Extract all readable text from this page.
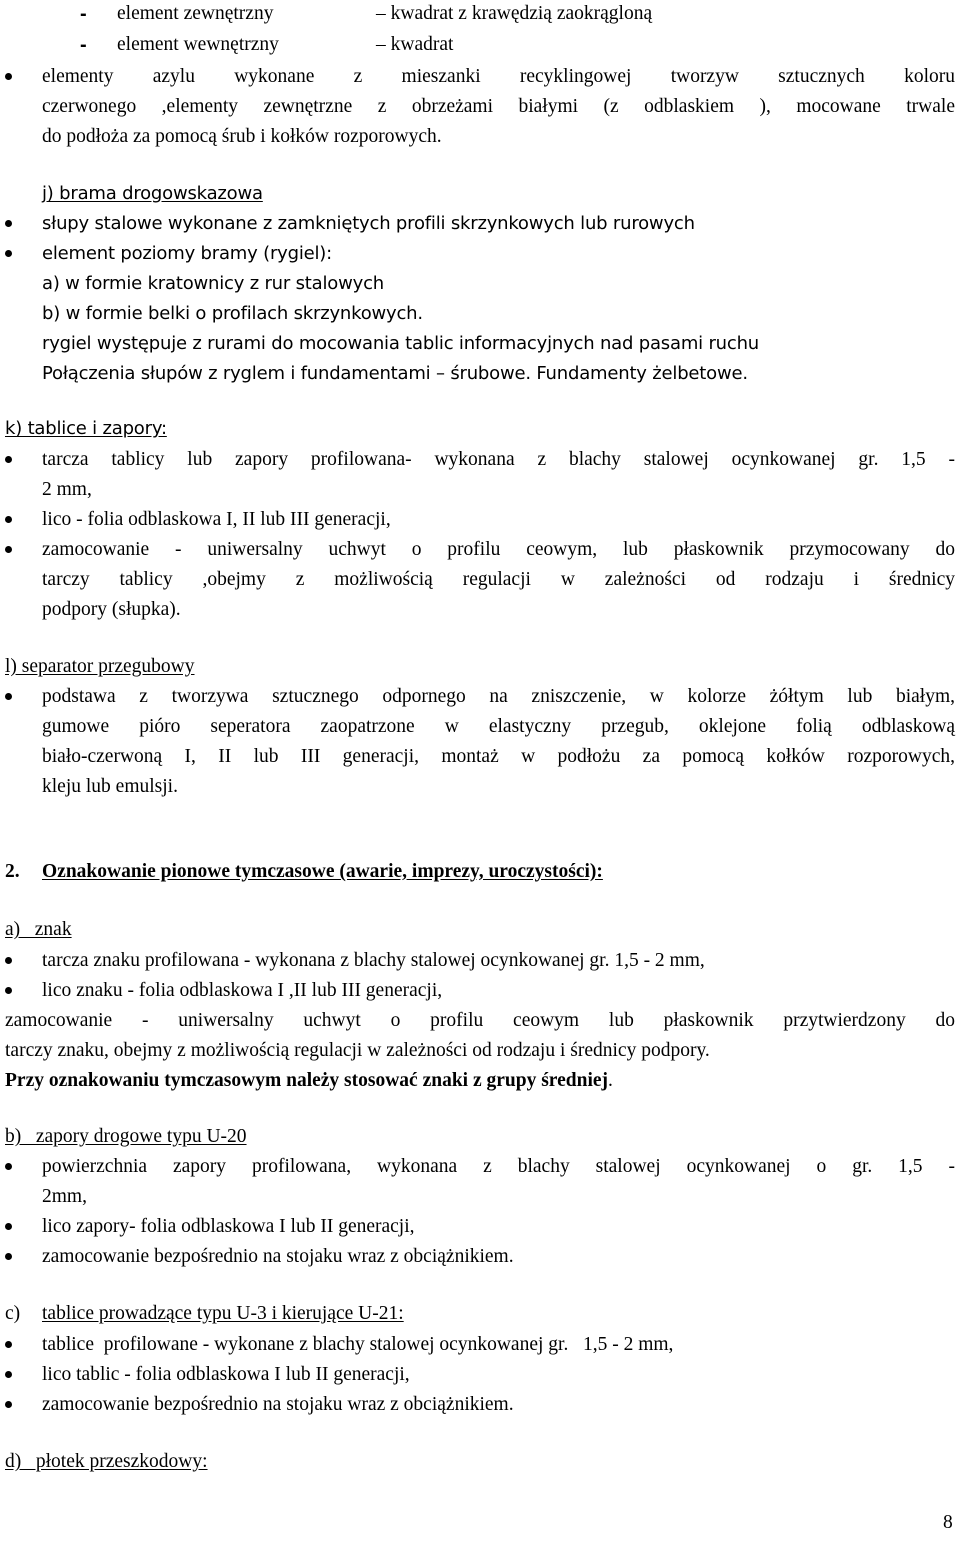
- element zewnętrzny	– kwadrat z krawędzią zaokrągloną
- element wewnętrzny	– kwadrat
elementy azylu wykonane z mieszanki recyklingowej tworzyw sztucznych koloru
czerwonego ,elementy zewnętrzne z obrzeżami białymi (z odblaskiem ), mocowane trwale
do podłoża za pomocą śrub i kołków rozporowych.
j) brama drogowskazowa
słupy stalowe wykonane z zamkniętych profili skrzynkowych lub rurowych
element poziomy bramy (rygiel):
a) w formie kratownicy z rur stalowych
b) w formie belki o profilach skrzynkowych.
rygiel występuje z rurami do mocowania tablic informacyjnych nad pasami ruchu
Połączenia słupów z ryglem i fundamentami – śrubowe. Fundamenty żelbetowe.
k) tablice i zapory:
tarcza tablicy lub zapory profilowana- wykonana z blachy stalowej ocynkowanej gr. 1,5 -
2 mm,
lico - folia odblaskowa I, II lub III generacji,
zamocowanie - uniwersalny uchwyt o profilu ceowym, lub płaskownik przymocowany do
tarczy tablicy ,obejmy z możliwością regulacji w zależności od rodzaju i średnicy
podpory (słupka).
l) separator przegubowy
podstawa z tworzywa sztucznego odpornego na zniszczenie, w kolorze żółtym lub białym,
gumowe pióro seperatora zaopatrzone w elastyczny przegub, oklejone folią odblaskową
biało-czerwoną I, II lub III generacji, montaż w podłożu za pomocą kołków rozporowych,
kleju lub emulsji.
2. Oznakowanie pionowe tymczasowe (awarie, imprezy, uroczystości):
a)   znak
tarcza znaku profilowana - wykonana z blachy stalowej ocynkowanej gr. 1,5 - 2 mm,
lico znaku - folia odblaskowa I ,II lub III generacji,
zamocowanie - uniwersalny uchwyt o profilu ceowym lub płaskownik przytwierdzony do
tarczy znaku, obejmy z możliwością regulacji w zależności od rodzaju i średnicy podpory.
Przy oznakowaniu tymczasowym należy stosować znaki z grupy średniej.
b)   zapory drogowe typu U-20
powierzchnia zapory profilowana, wykonana z blachy stalowej ocynkowanej o gr. 1,5 -
2mm,
lico zapory- folia odblaskowa I lub II generacji,
zamocowanie bezpośrednio na stojaku wraz z obciążnikiem.
c) tablice prowadzące typu U-3 i kierujące U-21:
tablice  profilowane - wykonane z blachy stalowej ocynkowanej gr.   1,5 - 2 mm,
lico tablic - folia odblaskowa I lub II generacji,
zamocowanie bezpośrednio na stojaku wraz z obciążnikiem.
d)   płotek przeszkodowy:
8
